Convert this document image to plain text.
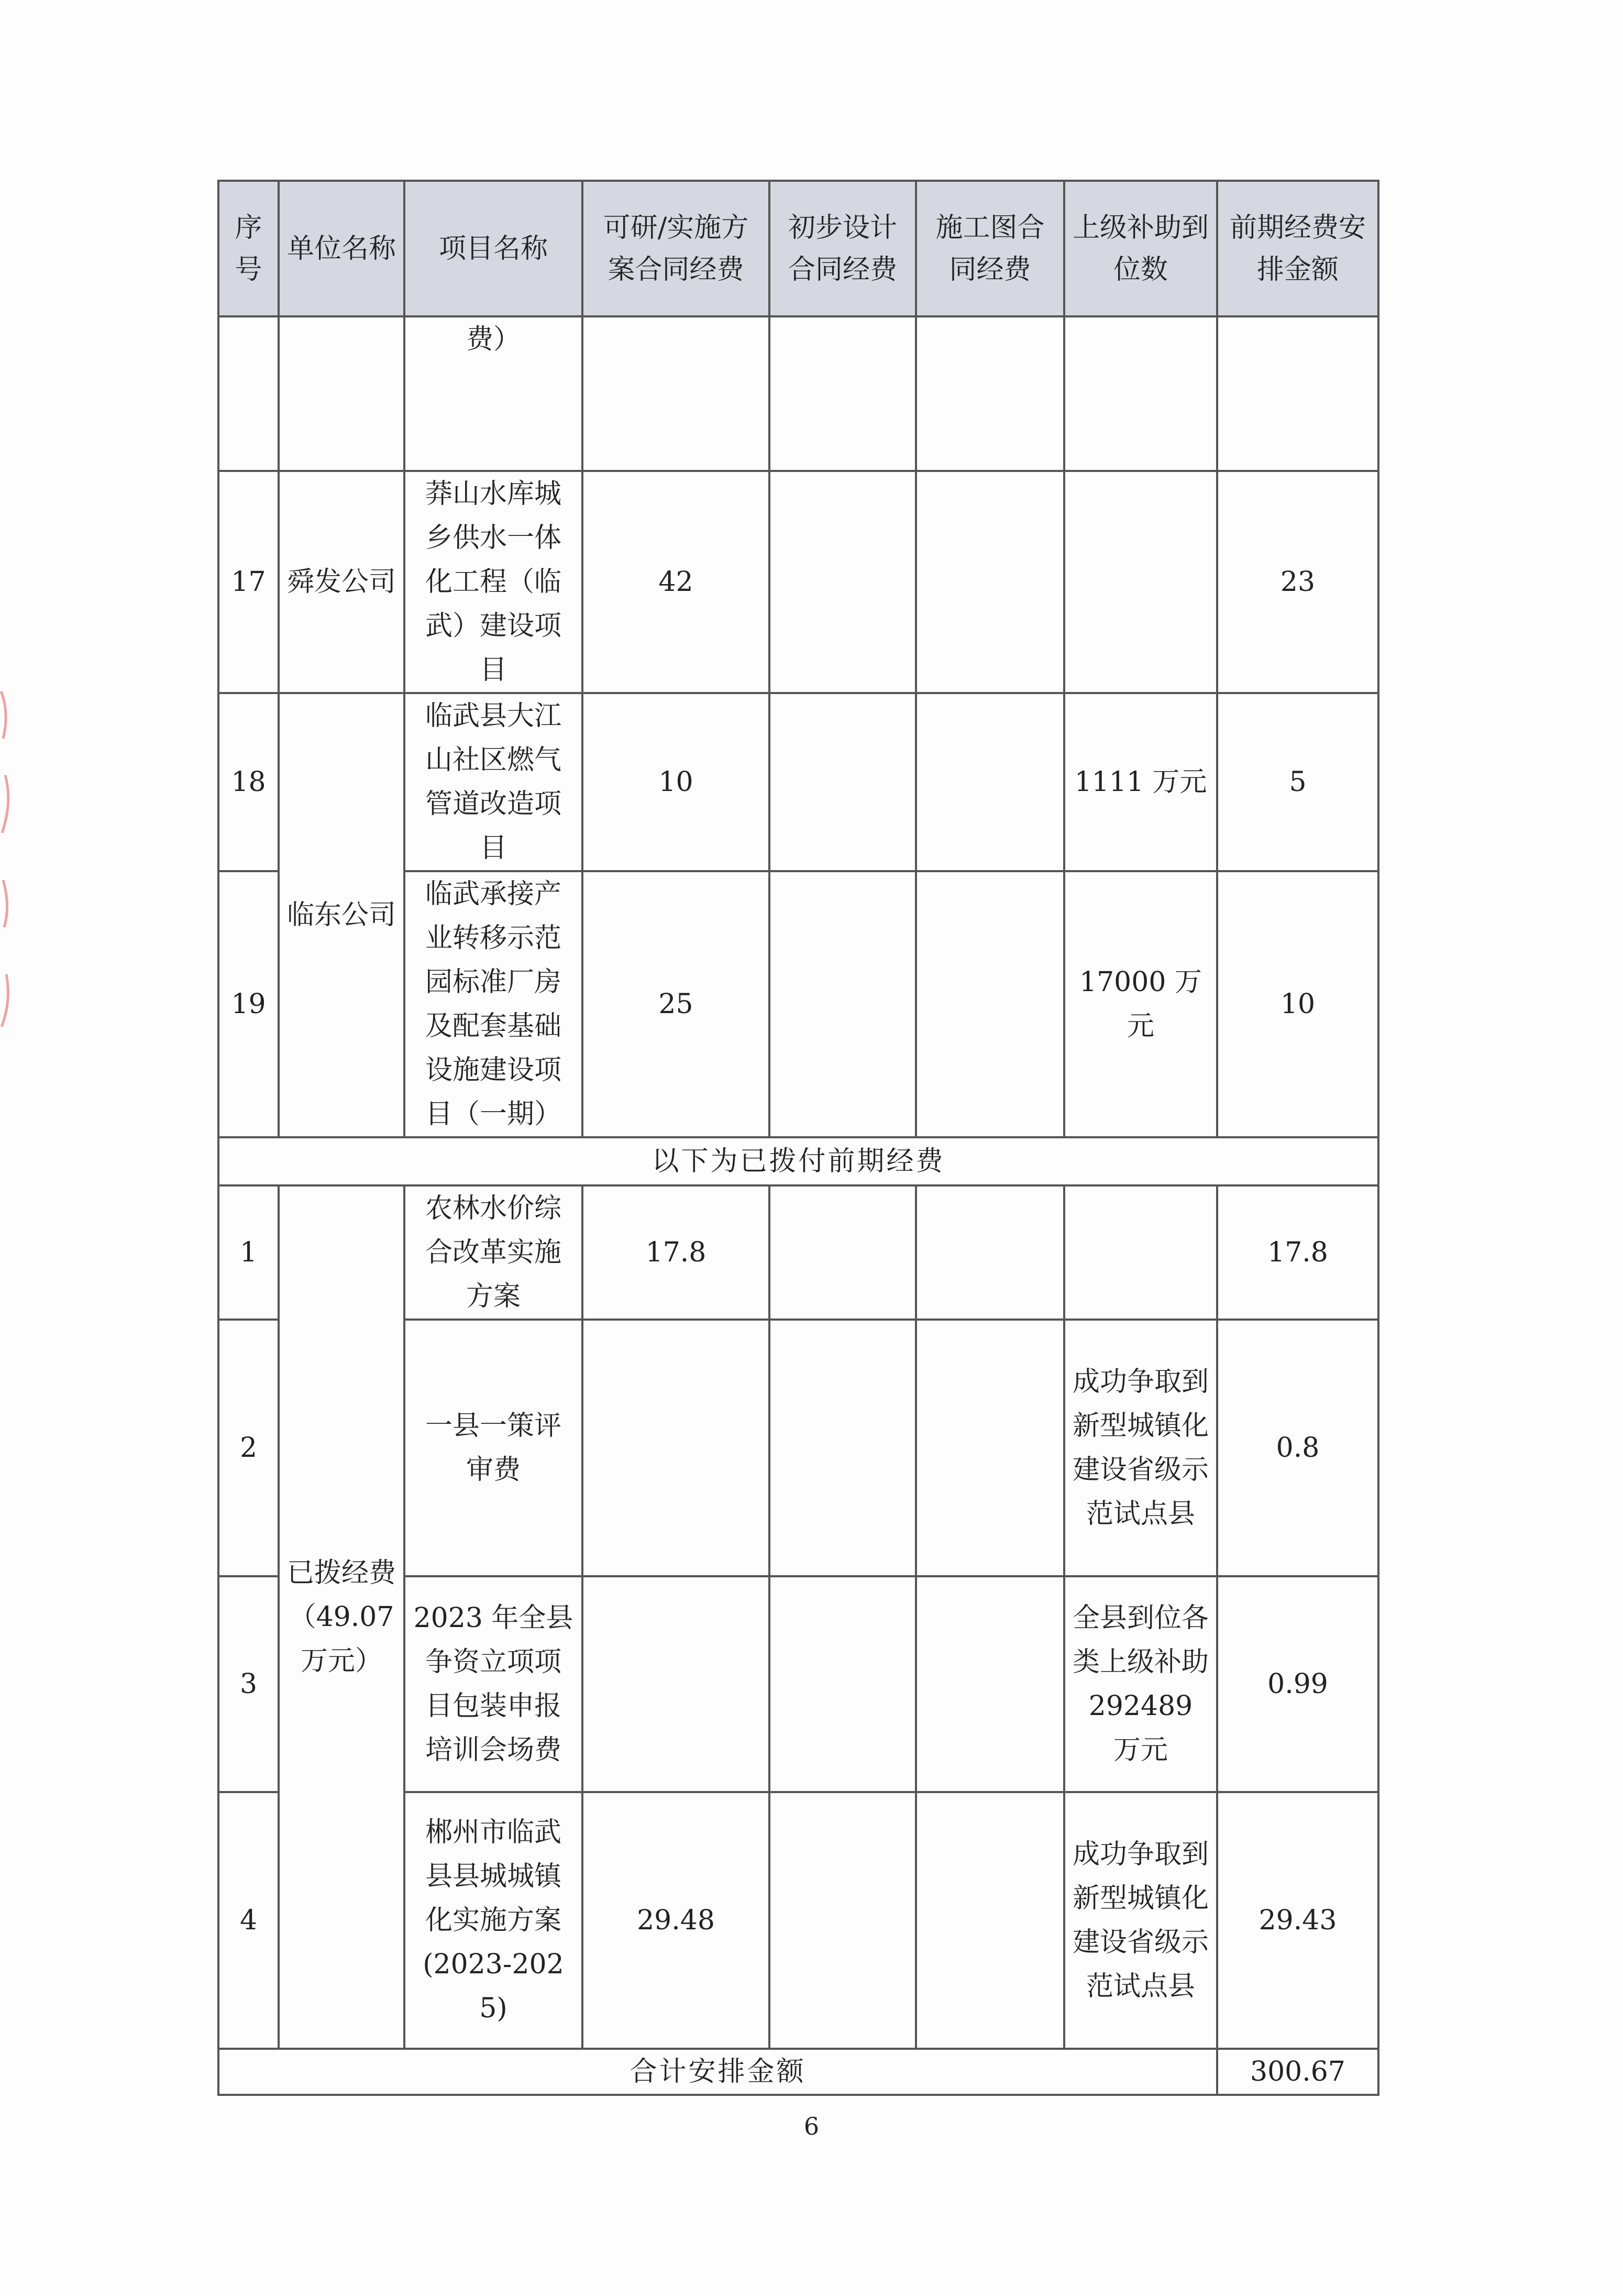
序号	单位名称	项目名称	可研/实施方案合同经费	初步设计合同经费	施工图合同经费	上级补助到位数	前期经费安排金额
		费）					
17	舜发公司	莽山水库城乡供水一体化工程（临武）建设项目	42				23
18	临东公司	临武县大江山社区燃气管道改造项目	10			1111 万元	5
19		临武承接产业转移示范园标准厂房及配套基础设施建设项目（一期）	25			17000 万元	10
以下为已拨付前期经费							
1	已拨经费（49.07 万元）	农林水价综合改革实施方案	17.8				17.8
2		一县一策评审费				成功争取到新型城镇化建设省级示范试点县	0.8
3		2023 年全县争资立项项目包装申报培训会场费				全县到位各类上级补助 292489 万元	0.99
4		郴州市临武县县城城镇化实施方案(2023-2025)	29.48			成功争取到新型城镇化建设省级示范试点县	29.43
合计安排金额							300.67
6
